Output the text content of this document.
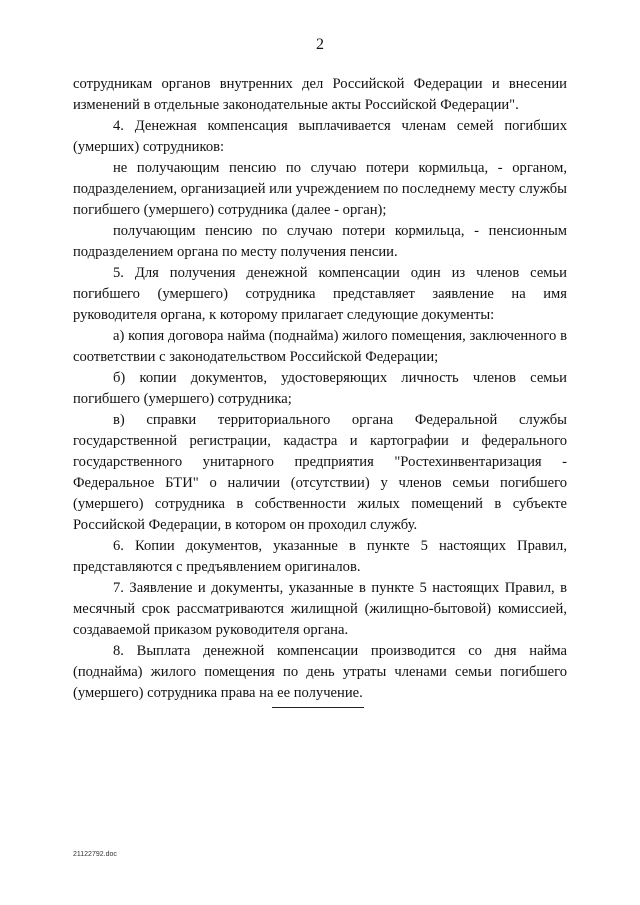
2

сотрудникам органов внутренних дел Российской Федерации и внесении изменений в отдельные законодательные акты Российской Федерации".

4. Денежная компенсация выплачивается членам семей погибших (умерших) сотрудников:

не получающим пенсию по случаю потери кормильца, - органом, подразделением, организацией или учреждением по последнему месту службы погибшего (умершего) сотрудника (далее - орган);

получающим пенсию по случаю потери кормильца, - пенсионным подразделением органа по месту получения пенсии.

5. Для получения денежной компенсации один из членов семьи погибшего (умершего) сотрудника представляет заявление на имя руководителя органа, к которому прилагает следующие документы:

а) копия договора найма (поднайма) жилого помещения, заключенного в соответствии с законодательством Российской Федерации;

б) копии документов, удостоверяющих личность членов семьи погибшего (умершего) сотрудника;

в) справки территориального органа Федеральной службы государственной регистрации, кадастра и картографии и федерального государственного унитарного предприятия "Ростехинвентаризация - Федеральное БТИ" о наличии (отсутствии) у членов семьи погибшего (умершего) сотрудника в собственности жилых помещений в субъекте Российской Федерации, в котором он проходил службу.

6. Копии документов, указанные в пункте 5 настоящих Правил, представляются с предъявлением оригиналов.

7. Заявление и документы, указанные в пункте 5 настоящих Правил, в месячный срок рассматриваются жилищной (жилищно-бытовой) комиссией, создаваемой приказом руководителя органа.

8. Выплата денежной компенсации производится со дня найма (поднайма) жилого помещения по день утраты членами семьи погибшего (умершего) сотрудника права на ее получение.

21122792.doc
